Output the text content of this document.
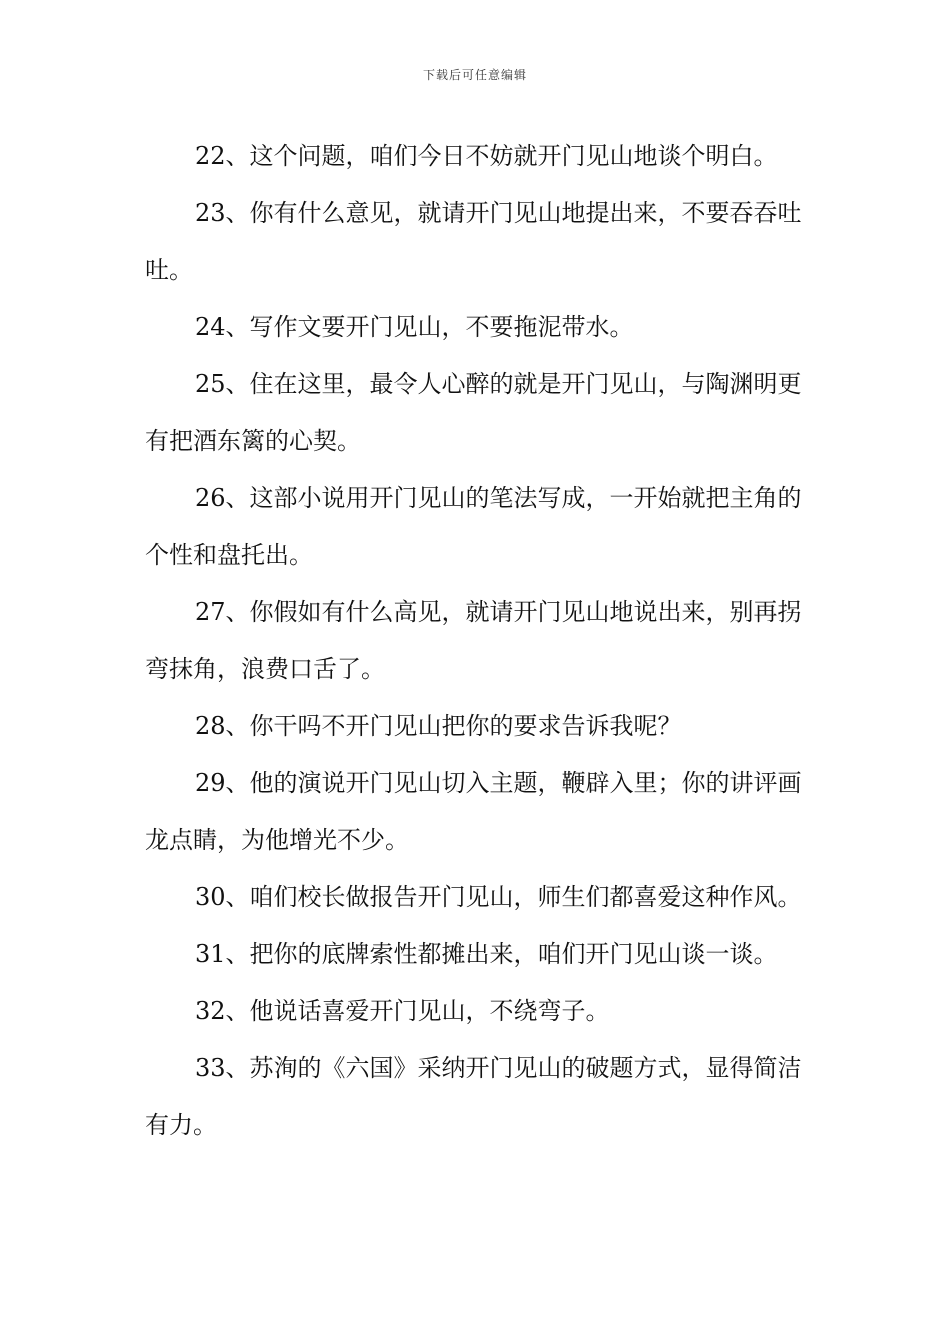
下载后可任意编辑

22、这个问题，咱们今日不妨就开门见山地谈个明白。

23、你有什么意见，就请开门见山地提出来，不要吞吞吐吐。

24、写作文要开门见山，不要拖泥带水。

25、住在这里，最令人心醉的就是开门见山，与陶渊明更有把酒东篱的心契。

26、这部小说用开门见山的笔法写成，一开始就把主角的个性和盘托出。

27、你假如有什么高见，就请开门见山地说出来，别再拐弯抹角，浪费口舌了。

28、你干吗不开门见山把你的要求告诉我呢？

29、他的演说开门见山切入主题，鞭辟入里；你的讲评画龙点睛，为他增光不少。

30、咱们校长做报告开门见山，师生们都喜爱这种作风。

31、把你的底牌索性都摊出来，咱们开门见山谈一谈。

32、他说话喜爱开门见山，不绕弯子。

33、苏洵的《六国》采纳开门见山的破题方式，显得简洁有力。
